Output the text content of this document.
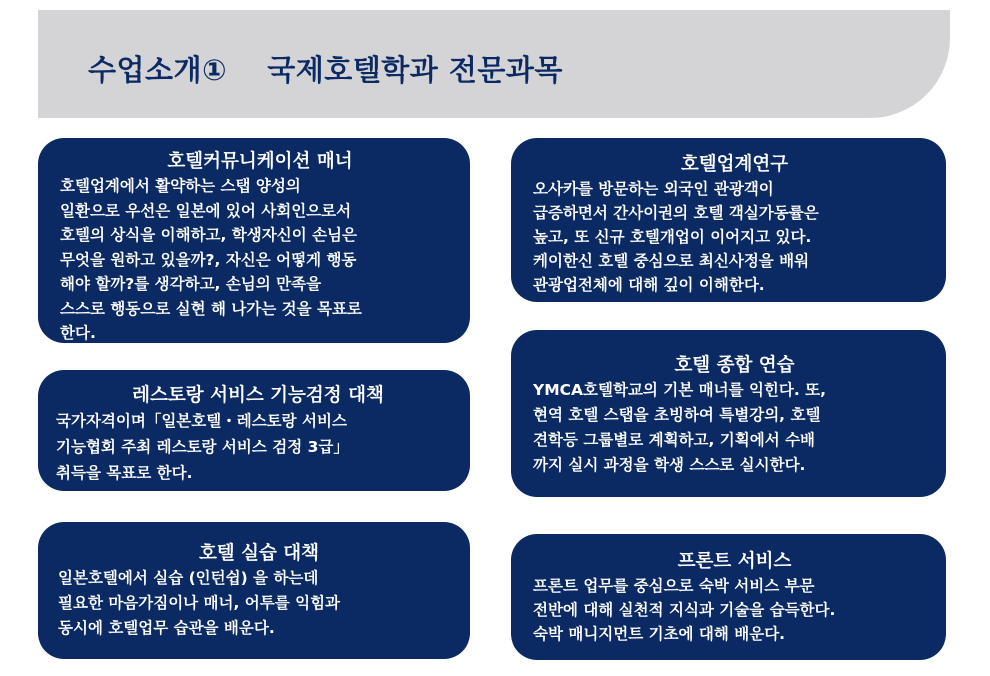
수업소개①　 국제호텔학과 전문과목
호텔커뮤니케이션 매너

호텔업계에서 활약하는 스탭 양성의
일환으로 우선은 일본에 있어 사회인으로서
호텔의 상식을 이해하고, 학생자신이 손님은
무엇을 원하고 있을까?, 자신은 어떻게 행동
해야 할까?를 생각하고, 손님의 만족을
스스로 행동으로 실현 해 나가는 것을 목표로
한다.

호텔업계연구

오사카를 방문하는 외국인 관광객이
급증하면서 간사이권의 호텔 객실가동률은
높고, 또 신규 호텔개업이 이어지고 있다.
케이한신 호텔 중심으로 최신사정을 배워
관광업전체에 대해 깊이 이해한다.

레스토랑 서비스 기능검정 대책

국가자격이며「일본호텔・레스토랑 서비스
기능협회 주최 레스토랑 서비스 검정 3급」
취득을 목표로 한다.

호텔 종합 연습

YMCA호텔학교의 기본 매너를 익힌다. 또,
현역 호텔 스탭을 초빙하여 특별강의, 호텔
견학등 그룹별로 계획하고, 기획에서 수배
까지 실시 과정을 학생 스스로 실시한다.

호텔 실습 대책

일본호텔에서 실습 (인턴쉽) 을 하는데
필요한 마음가짐이나 매너, 어투를 익힘과
동시에 호텔업무 습관을 배운다.

프론트 서비스

프론트 업무를 중심으로 숙박 서비스 부문
전반에 대해 실천적 지식과 기술을 습득한다.
숙박 매니지먼트 기초에 대해 배운다.
